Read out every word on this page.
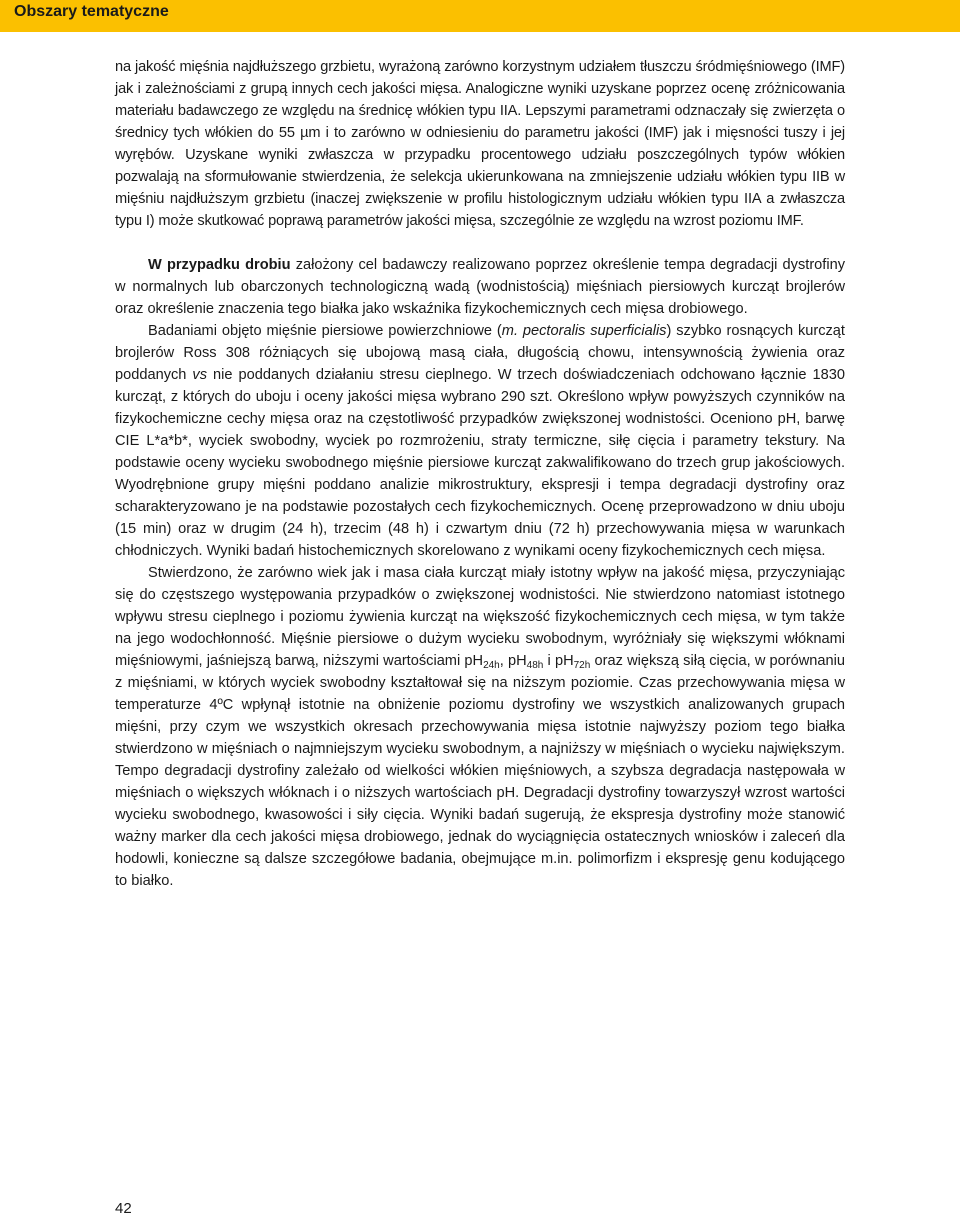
Obszary tematyczne

na jakość mięśnia najdłuższego grzbietu, wyrażoną zarówno korzystnym udziałem tłuszczu śródmięśniowego (IMF) jak i zależnościami z grupą innych cech jakości mięsa. Analogiczne wyniki uzyskane poprzez ocenę zróżnicowania materiału badawczego ze względu na średnicę włókien typu IIA. Lepszymi parametrami odznaczały się zwierzęta o średnicy tych włókien do 55 µm i to zarówno w odniesieniu do parametru jakości (IMF) jak i mięsności tuszy i jej wyrębów. Uzyskane wyniki zwłaszcza w przypadku procentowego udziału poszczególnych typów włókien pozwalają na sformułowanie stwierdzenia, że selekcja ukierunkowana na zmniejszenie udziału włókien typu IIB w mięśniu najdłuższym grzbietu (inaczej zwiększenie w profilu histologicznym udziału włókien typu IIA a zwłaszcza typu I) może skutkować poprawą parametrów jakości mięsa, szczególnie ze względu na wzrost poziomu IMF.

W przypadku drobiu założony cel badawczy realizowano poprzez określenie tempa degradacji dystrofiny w normalnych lub obarczonych technologiczną wadą (wodnistością) mięśniach piersiowych kurcząt brojlerów oraz określenie znaczenia tego białka jako wskaźnika fizykochemicznych cech mięsa drobiowego.

Badaniami objęto mięśnie piersiowe powierzchniowe (m. pectoralis superficialis) szybko rosnących kurcząt brojlerów Ross 308 różniących się ubojową masą ciała, długością chowu, intensywnością żywienia oraz poddanych vs nie poddanych działaniu stresu cieplnego. W trzech doświadczeniach odchowano łącznie 1830 kurcząt, z których do uboju i oceny jakości mięsa wybrano 290 szt. Określono wpływ powyższych czynników na fizykochemiczne cechy mięsa oraz na częstotliwość przypadków zwiększonej wodnistości. Oceniono pH, barwę CIE L*a*b*, wyciek swobodny, wyciek po rozmrożeniu, straty termiczne, siłę cięcia i parametry tekstury. Na podstawie oceny wycieku swobodnego mięśnie piersiowe kurcząt zakwalifikowano do trzech grup jakościowych. Wyodrębnione grupy mięśni poddano analizie mikrostruktury, ekspresji i tempa degradacji dystrofiny oraz scharakteryzowano je na podstawie pozostałych cech fizykochemicznych. Ocenę przeprowadzono w dniu uboju (15 min) oraz w drugim (24 h), trzecim (48 h) i czwartym dniu (72 h) przechowywania mięsa w warunkach chłodniczych. Wyniki badań histochemicznych skorelowano z wynikami oceny fizykochemicznych cech mięsa.

Stwierdzono, że zarówno wiek jak i masa ciała kurcząt miały istotny wpływ na jakość mięsa, przyczyniając się do częstszego występowania przypadków o zwiększonej wodnistości. Nie stwierdzono natomiast istotnego wpływu stresu cieplnego i poziomu żywienia kurcząt na większość fizykochemicznych cech mięsa, w tym także na jego wodochłonność. Mięśnie piersiowe o dużym wycieku swobodnym, wyróżniały się większymi włóknami mięśniowymi, jaśniejszą barwą, niższymi wartościami $pH_{24h}$, $pH_{48h}$ i $pH_{72h}$ oraz większą siłą cięcia, w porównaniu z mięśniami, w których wyciek swobodny kształtował się na niższym poziomie. Czas przechowywania mięsa w temperaturze 4ºC wpłynął istotnie na obniżenie poziomu dystrofiny we wszystkich analizowanych grupach mięśni, przy czym we wszystkich okresach przechowywania mięsa istotnie najwyższy poziom tego białka stwierdzono w mięśniach o najmniejszym wycieku swobodnym, a najniższy w mięśniach o wycieku największym. Tempo degradacji dystrofiny zależało od wielkości włókien mięśniowych, a szybsza degradacja następowała w mięśniach o większych włóknach i o niższych wartościach pH. Degradacji dystrofiny towarzyszył wzrost wartości wycieku swobodnego, kwasowości i siły cięcia. Wyniki badań sugerują, że ekspresja dystrofiny może stanowić ważny marker dla cech jakości mięsa drobiowego, jednak do wyciągnięcia ostatecznych wniosków i zaleceń dla hodowli, konieczne są dalsze szczegółowe badania, obejmujące m.in. polimorfizm i ekspresję genu kodującego to białko.

42
